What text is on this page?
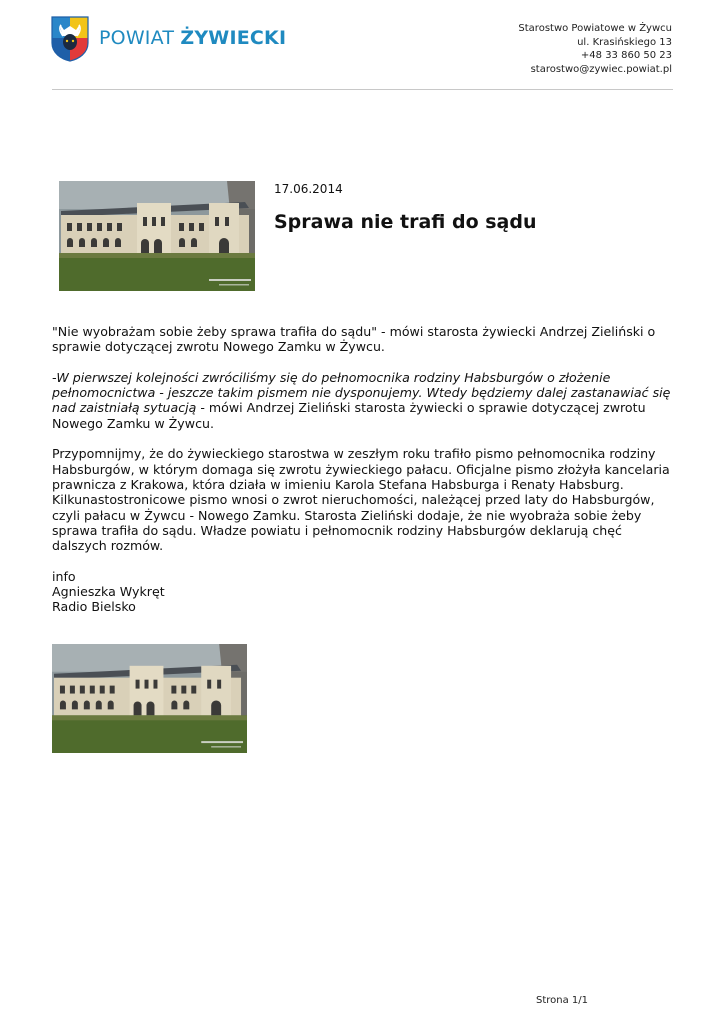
POWIAT ŻYWIECKI	Starostwo Powiatowe w Żywcu
ul. Krasińskiego 13
+48 33 860 50 23
starostwo@zywiec.powiat.pl
17.06.2014
Sprawa nie trafi do sądu

"Nie wyobrażam sobie żeby sprawa trafiła do sądu" - mówi starosta żywiecki Andrzej Zieliński o sprawie dotyczącej zwrotu Nowego Zamku w Żywcu.

-W pierwszej kolejności zwróciliśmy się do pełnomocnika rodziny Habsburgów o złożenie pełnomocnictwa - jeszcze takim pismem nie dysponujemy. Wtedy będziemy dalej zastanawiać się nad zaistniałą sytuacją - mówi Andrzej Zieliński starosta żywiecki o sprawie dotyczącej zwrotu Nowego Zamku w Żywcu.

Przypomnijmy, że do żywieckiego starostwa w zeszłym roku trafiło pismo pełnomocnika rodziny Habsburgów, w którym domaga się zwrotu żywieckiego pałacu. Oficjalne pismo złożyła kancelaria prawnicza z Krakowa, która działa w imieniu Karola Stefana Habsburga i Renaty Habsburg. Kilkunastostronicowe pismo wnosi o zwrot nieruchomości, należącej przed laty do Habsburgów, czyli pałacu w Żywcu - Nowego Zamku. Starosta Zieliński dodaje, że nie wyobraża sobie żeby sprawa trafiła do sądu. Władze powiatu i pełnomocnik rodziny Habsburgów deklarują chęć dalszych rozmów.

info
Agnieszka Wykręt
Radio Bielsko
Strona 1/1
